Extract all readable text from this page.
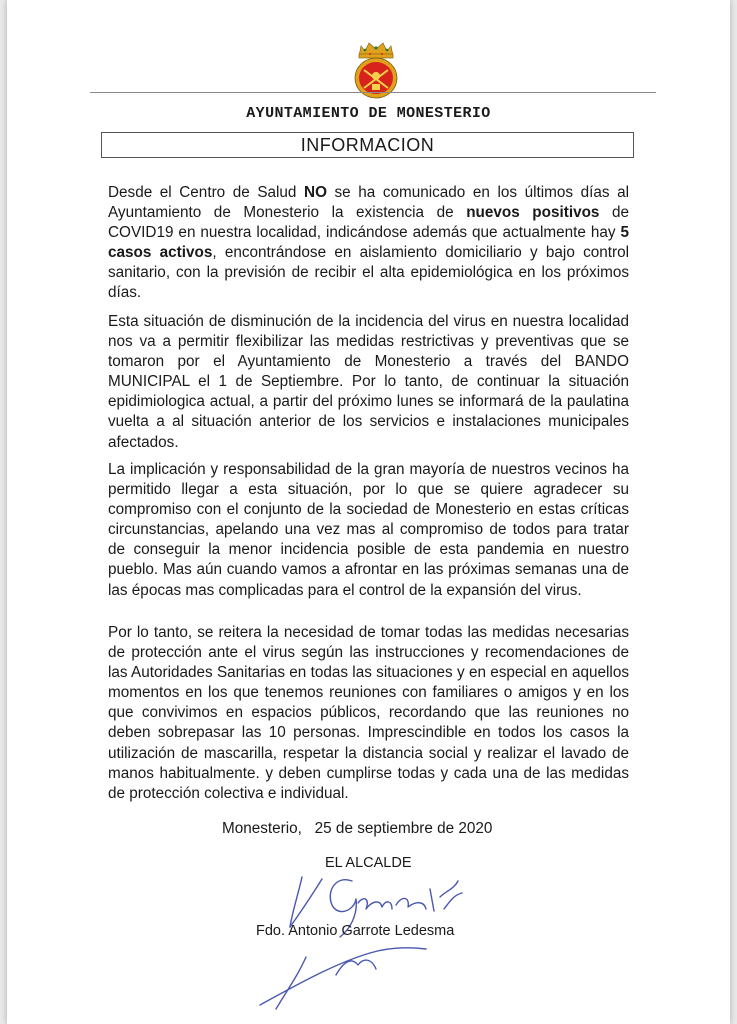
AYUNTAMIENTO DE MONESTERIO
INFORMACION
Desde el Centro de Salud NO se ha comunicado en los últimos días al Ayuntamiento de Monesterio la existencia de nuevos positivos de COVID19 en nuestra localidad, indicándose además que actualmente hay 5 casos activos, encontrándose en aislamiento domiciliario y bajo control sanitario, con la previsión de recibir el alta epidemiológica en los próximos días.
Esta situación de disminución de la incidencia del virus en nuestra localidad nos va a permitir flexibilizar las medidas restrictivas y preventivas que se tomaron por el Ayuntamiento de Monesterio a través del BANDO MUNICIPAL el 1 de Septiembre. Por lo tanto, de continuar la situación epidimiologica actual, a partir del próximo lunes se informará de la paulatina vuelta a al situación anterior de los servicios e instalaciones municipales afectados.
La implicación y responsabilidad de la gran mayoría de nuestros vecinos ha permitido llegar a esta situación, por lo que se quiere agradecer su compromiso con el conjunto de la sociedad de Monesterio en estas críticas circunstancias, apelando una vez mas al compromiso de todos para tratar de conseguir la menor incidencia posible de esta pandemia en nuestro pueblo. Mas aún cuando vamos a afrontar en las próximas semanas una de las épocas mas complicadas para el control de la expansión del virus.
Por lo tanto, se reitera la necesidad de tomar todas las medidas necesarias de protección ante el virus según las instrucciones y recomendaciones de las Autoridades Sanitarias en todas las situaciones y en especial en aquellos momentos en los que tenemos reuniones con familiares o amigos y en los que convivimos en espacios públicos, recordando que las reuniones no deben sobrepasar las 10 personas. Imprescindible en todos los casos la utilización de mascarilla, respetar la distancia social y realizar el lavado de manos habitualmente. y deben cumplirse todas y cada una de las medidas de protección colectiva e individual.
Monesterio,   25 de septiembre de 2020
EL ALCALDE
Fdo. Antonio Garrote Ledesma
